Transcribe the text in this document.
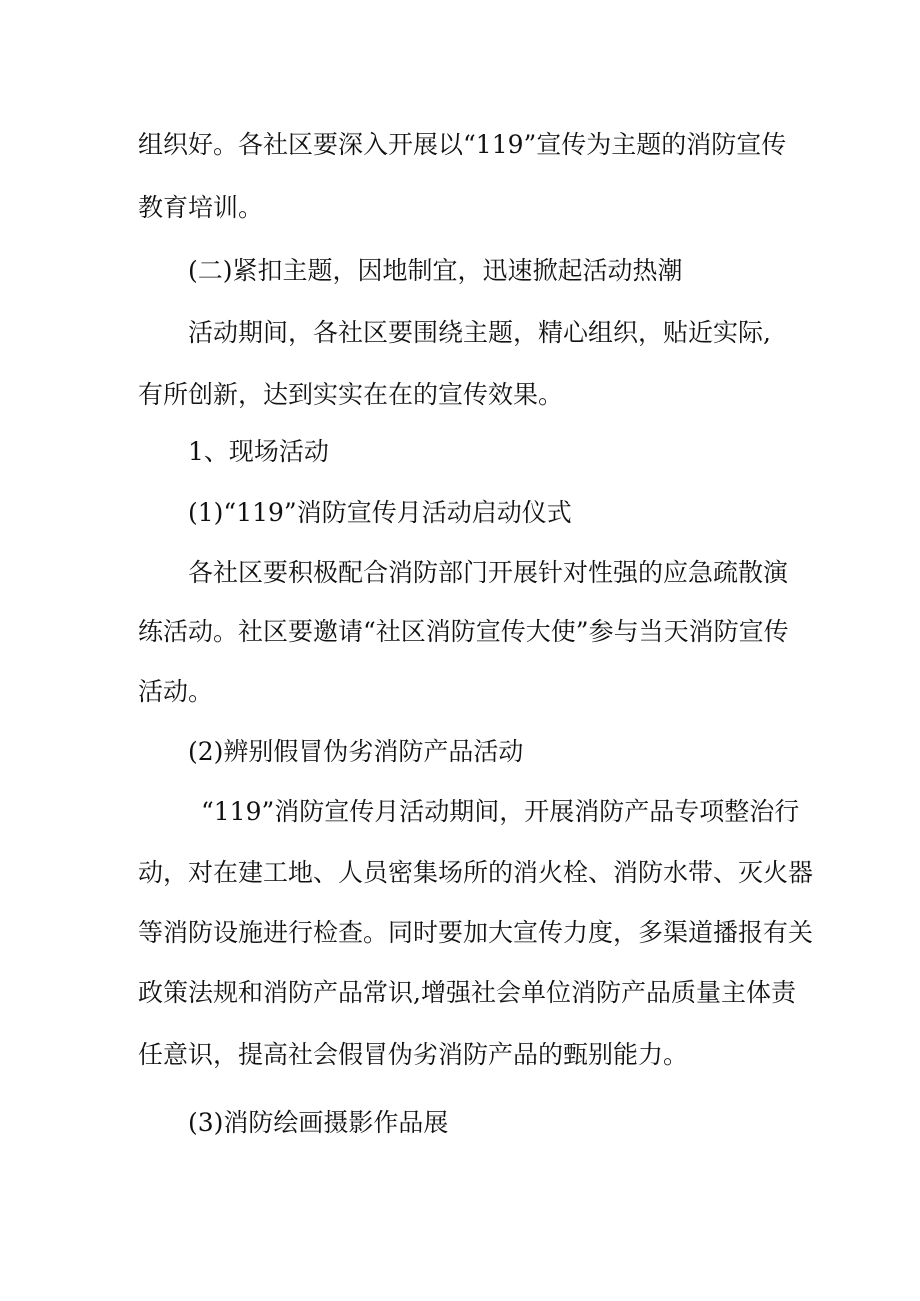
组织好。各社区要深入开展以“119”宣传为主题的消防宣传
教育培训。
(二)紧扣主题，因地制宜，迅速掀起活动热潮
活动期间，各社区要围绕主题，精心组织，贴近实际,
有所创新，达到实实在在的宣传效果。
1、现场活动
(1)“119”消防宣传月活动启动仪式
各社区要积极配合消防部门开展针对性强的应急疏散演
练活动。社区要邀请“社区消防宣传大使”参与当天消防宣传
活动。
(2)辨别假冒伪劣消防产品活动
“119”消防宣传月活动期间，开展消防产品专项整治行
动，对在建工地、人员密集场所的消火栓、消防水带、灭火器
等消防设施进行检查。同时要加大宣传力度，多渠道播报有关
政策法规和消防产品常识,增强社会单位消防产品质量主体责
任意识，提高社会假冒伪劣消防产品的甄别能力。
(3)消防绘画摄影作品展
